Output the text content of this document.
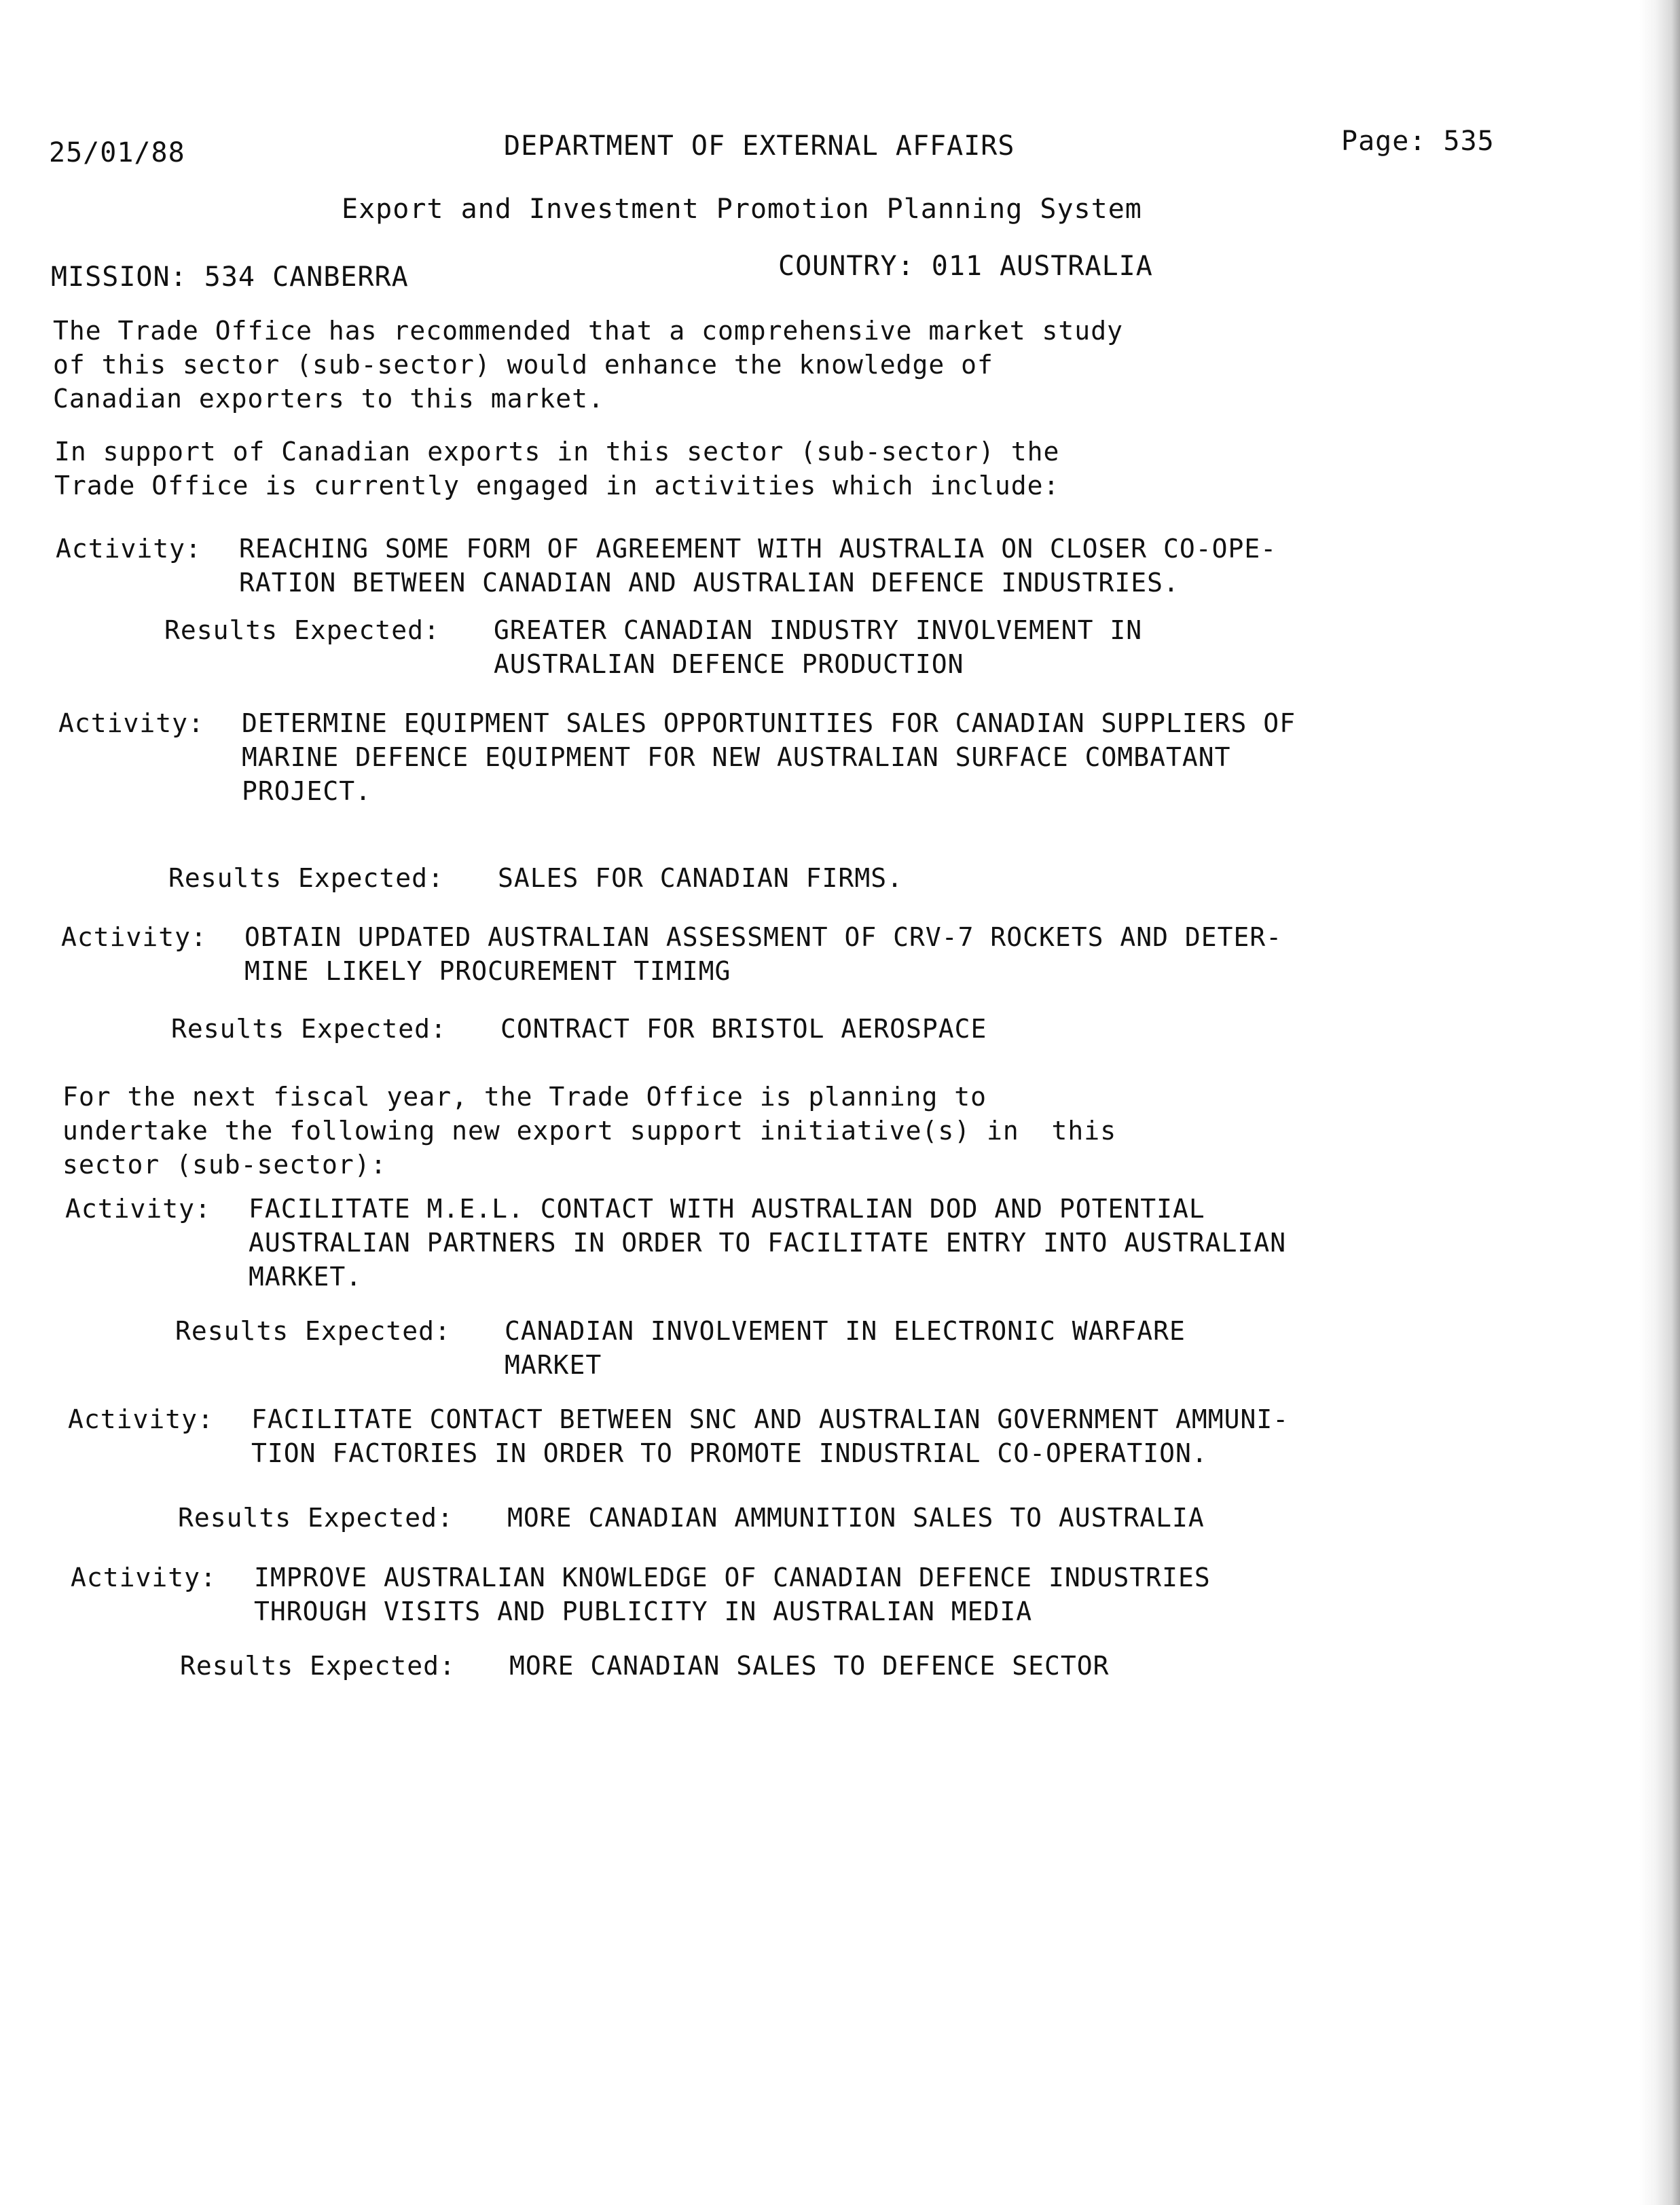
25/01/88	DEPARTMENT OF EXTERNAL AFFAIRS	Page: 535
Export and Investment Promotion Planning System
MISSION: 534 CANBERRA	COUNTRY: 011 AUSTRALIA
The Trade Office has recommended that a comprehensive market study
of this sector (sub-sector) would enhance the knowledge of
Canadian exporters to this market.
In support of Canadian exports in this sector (sub-sector) the
Trade Office is currently engaged in activities which include:
Activity:	REACHING SOME FORM OF AGREEMENT WITH AUSTRALIA ON CLOSER CO-OPE-
RATION BETWEEN CANADIAN AND AUSTRALIAN DEFENCE INDUSTRIES.
Results Expected:	GREATER CANADIAN INDUSTRY INVOLVEMENT IN
AUSTRALIAN DEFENCE PRODUCTION
Activity:	DETERMINE EQUIPMENT SALES OPPORTUNITIES FOR CANADIAN SUPPLIERS OF
MARINE DEFENCE EQUIPMENT FOR NEW AUSTRALIAN SURFACE COMBATANT
PROJECT.
Results Expected:	SALES FOR CANADIAN FIRMS.
Activity:	OBTAIN UPDATED AUSTRALIAN ASSESSMENT OF CRV-7 ROCKETS AND DETER-
MINE LIKELY PROCUREMENT TIMIMG
Results Expected:	CONTRACT FOR BRISTOL AEROSPACE
For the next fiscal year, the Trade Office is planning to
undertake the following new export support initiative(s) in  this
sector (sub-sector):
Activity:	FACILITATE M.E.L. CONTACT WITH AUSTRALIAN DOD AND POTENTIAL
AUSTRALIAN PARTNERS IN ORDER TO FACILITATE ENTRY INTO AUSTRALIAN
MARKET.
Results Expected:	CANADIAN INVOLVEMENT IN ELECTRONIC WARFARE
MARKET
Activity:	FACILITATE CONTACT BETWEEN SNC AND AUSTRALIAN GOVERNMENT AMMUNI-
TION FACTORIES IN ORDER TO PROMOTE INDUSTRIAL CO-OPERATION.
Results Expected:	MORE CANADIAN AMMUNITION SALES TO AUSTRALIA
Activity:	IMPROVE AUSTRALIAN KNOWLEDGE OF CANADIAN DEFENCE INDUSTRIES
THROUGH VISITS AND PUBLICITY IN AUSTRALIAN MEDIA
Results Expected:	MORE CANADIAN SALES TO DEFENCE SECTOR
